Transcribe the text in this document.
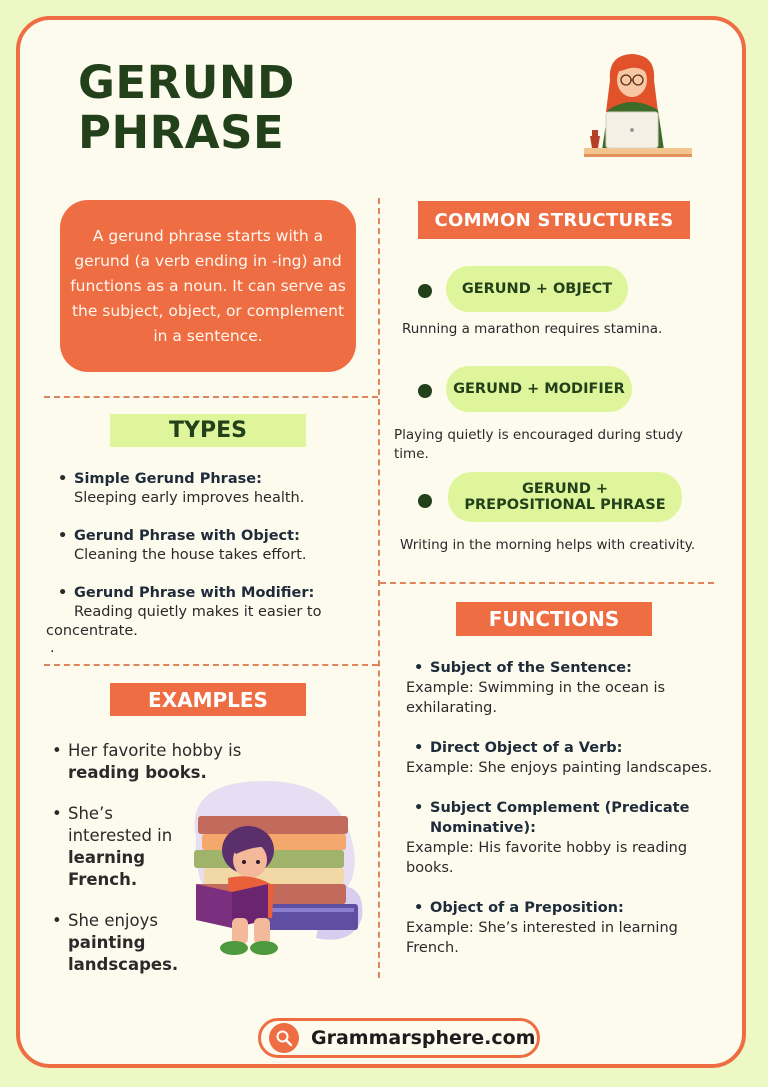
GERUND
PHRASE
A gerund phrase starts with a gerund (a verb ending in -ing) and functions as a noun. It can serve as the subject, object, or complement in a sentence.
TYPES
• Simple Gerund Phrase:
Sleeping early improves health.
• Gerund Phrase with Object:
Cleaning the house takes effort.
• Gerund Phrase with Modifier:
Reading quietly makes it easier to concentrate.
.
EXAMPLES
• Her favorite hobby is
reading books.
• She’s interested in learning French.
• She enjoys painting landscapes.
COMMON STRUCTURES
GERUND + OBJECT
Running a marathon requires stamina.
GERUND + MODIFIER
Playing quietly is encouraged during study time.
GERUND + PREPOSITIONAL PHRASE
Writing in the morning helps with creativity.
FUNCTIONS
• Subject of the Sentence:
Example: Swimming in the ocean is exhilarating.
• Direct Object of a Verb:
Example: She enjoys painting landscapes.
• Subject Complement (Predicate Nominative):
Example: His favorite hobby is reading books.
• Object of a Preposition:
Example: She’s interested in learning French.
Grammarsphere.com
